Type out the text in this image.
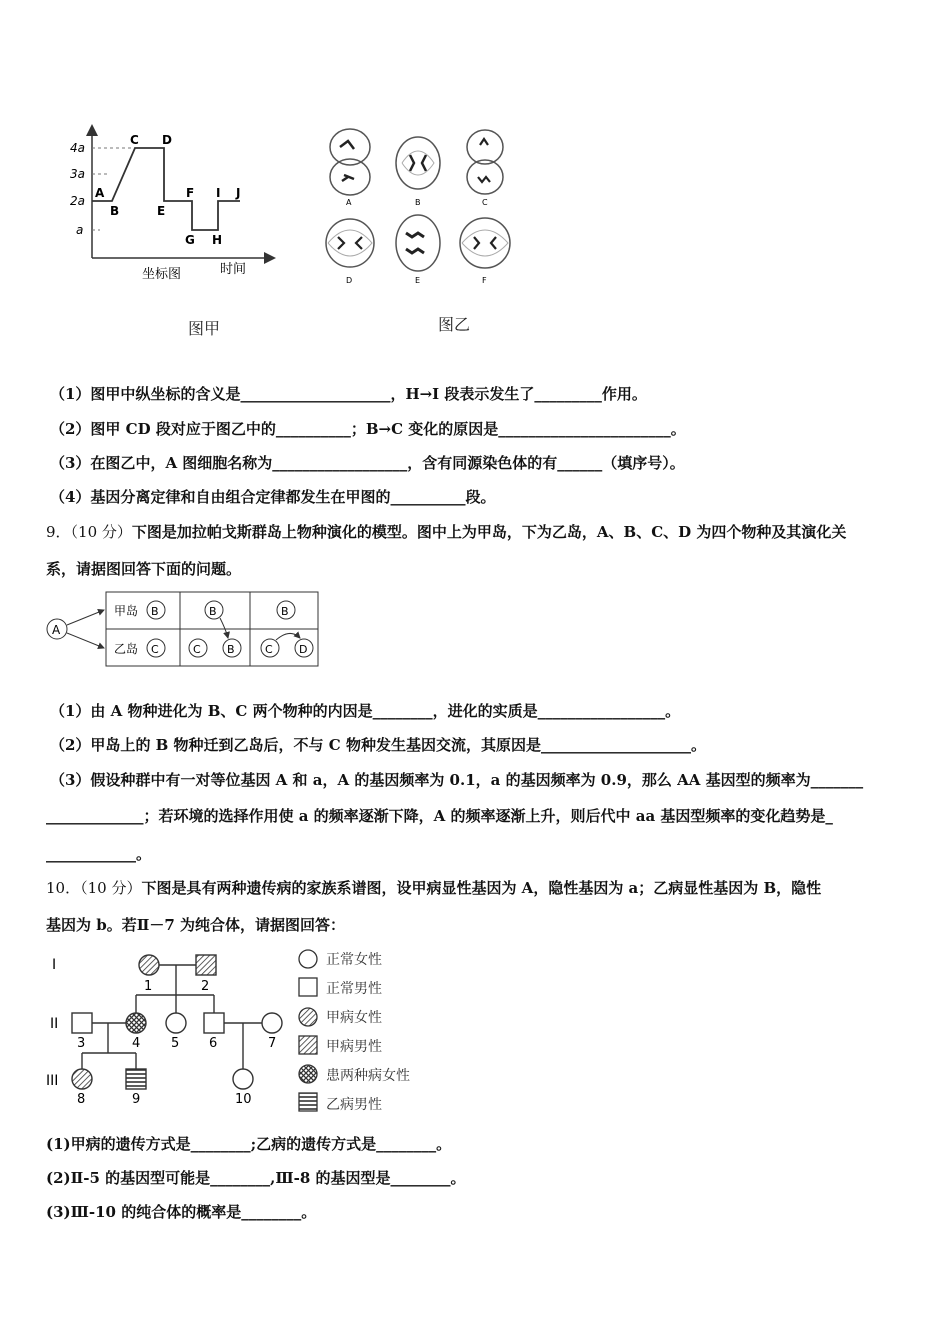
4a
3a
2a
a
A
B
C D
E
F
G H
I J
时间
坐标图
图甲
A	B	C
D	E	F
图乙
（1）图甲中纵坐标的含义是____________________，H→I 段表示发生了_________作用。
（2）图甲 CD 段对应于图乙中的__________；B→C 变化的原因是_______________________。
（3）在图乙中，A 图细胞名称为__________________，含有同源染色体的有______（填序号）。
（4）基因分离定律和自由组合定律都发生在甲图的__________段。
9．（10 分）下图是加拉帕戈斯群岛上物种演化的模型。图中上为甲岛，下为乙岛，A、B、C、D 为四个物种及其演化关
系，请据图回答下面的问题。
A
甲岛
乙岛
B	B	B
C	C B	C D
（1）由 A 物种进化为 B、C 两个物种的内因是________，进化的实质是_________________。
（2）甲岛上的 B 物种迁到乙岛后，不与 C 物种发生基因交流，其原因是____________________。
（3）假设种群中有一对等位基因 A 和 a，A 的基因频率为 0.1，a 的基因频率为 0.9，那么 AA 基因型的频率为_______
_____________；若环境的选择作用使 a 的频率逐渐下降，A 的频率逐渐上升，则后代中 aa 基因型频率的变化趋势是_
____________。
10．（10 分）下图是具有两种遗传病的家族系谱图，设甲病显性基因为 A，隐性基因为 a；乙病显性基因为 B，隐性
基因为 b。若Ⅱ－7 为纯合体，请据图回答：
I
II
III
1	2
3	4 5 6	7
8	9	10
正常女性
正常男性
甲病女性
甲病男性
患两种病女性
乙病男性
(1)甲病的遗传方式是________;乙病的遗传方式是________。
(2)Ⅱ-5 的基因型可能是________,Ⅲ-8 的基因型是________。
(3)Ⅲ-10 的纯合体的概率是________。
